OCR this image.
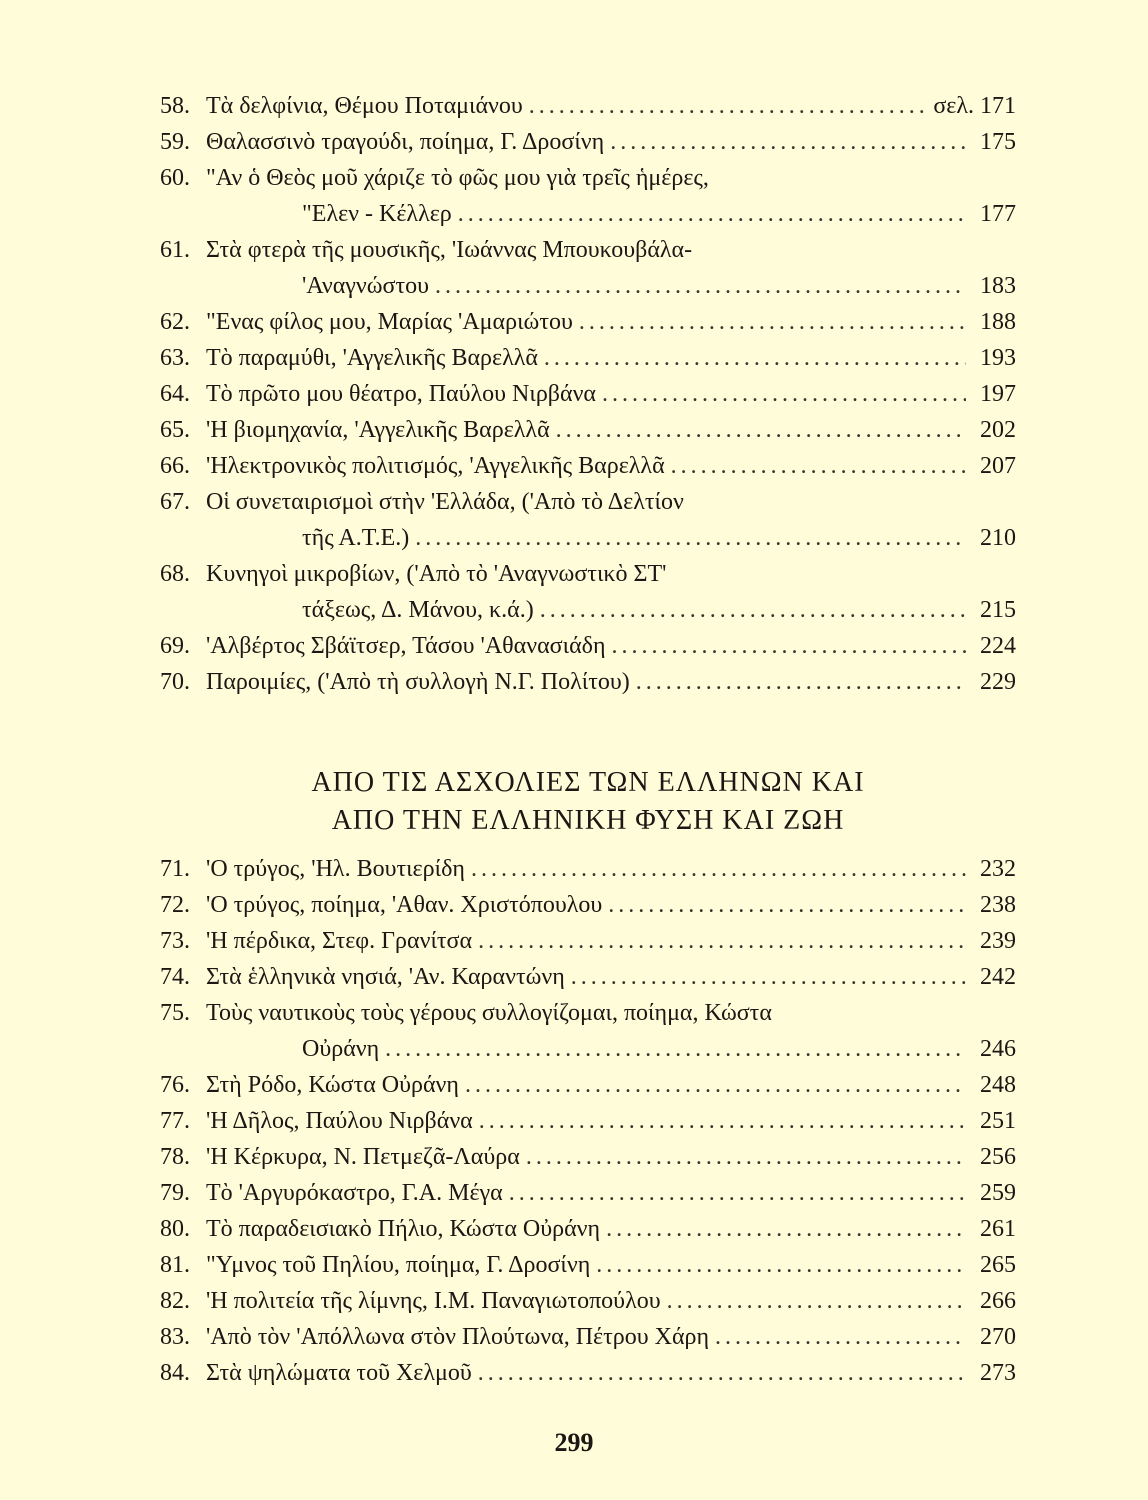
58. Τὰ δελφίνια, Θέμου Ποταμιάνου .....	σελ. 171
59. Θαλασσινὸ τραγούδι, ποίημα, Γ. Δροσίνη .....	175
60. "Αν ὁ Θεὸς μοῦ χάριζε τὸ φῶς μου γιὰ τρεῖς ἡμέρες,
"Ελεν - Κέλλερ .....	177
61. Στὰ φτερὰ τῆς μουσικῆς, 'Ιωάννας Μπουκουβάλα-
'Αναγνώστου .....	183
62. "Ενας φίλος μου, Μαρίας 'Αμαριώτου .....	188
63. Τὸ παραμύθι, 'Αγγελικῆς Βαρελλᾶ .....	193
64. Τὸ πρῶτο μου θέατρο, Παύλου Νιρβάνα .....	197
65. 'Η βιομηχανία, 'Αγγελικῆς Βαρελλᾶ .....	202
66. 'Ηλεκτρονικὸς πολιτισμός, 'Αγγελικῆς Βαρελλᾶ .....	207
67. Οἱ συνεταιρισμοὶ στὴν 'Ελλάδα, ('Απὸ τὸ Δελτίον
τῆς Α.Τ.Ε.) .....	210
68. Κυνηγοὶ μικροβίων, ('Απὸ τὸ 'Αναγνωστικὸ ΣΤ'
τάξεως, Δ. Μάνου, κ.ά.) .....	215
69. 'Αλβέρτος Σβάϊτσερ, Τάσου 'Αθανασιάδη .....	224
70. Παροιμίες, ('Απὸ τὴ συλλογὴ Ν.Γ. Πολίτου) .....	229
ΑΠΟ ΤΙΣ ΑΣΧΟΛΙΕΣ ΤΩΝ ΕΛΛΗΝΩΝ ΚΑΙ
ΑΠΟ ΤΗΝ ΕΛΛΗΝΙΚΗ ΦΥΣΗ ΚΑΙ ΖΩΗ
71. 'Ο τρύγος, 'Ηλ. Βουτιερίδη .....	232
72. 'Ο τρύγος, ποίημα, 'Αθαν. Χριστόπουλου .....	238
73. 'Η πέρδικα, Στεφ. Γρανίτσα .....	239
74. Στὰ ἑλληνικὰ νησιά, 'Αν. Καραντώνη .....	242
75. Τοὺς ναυτικοὺς τοὺς γέρους συλλογίζομαι, ποίημα, Κώστα
Οὐράνη .....	246
76. Στὴ Ρόδο, Κώστα Οὐράνη .....	248
77. 'Η Δῆλος, Παύλου Νιρβάνα .....	251
78. 'Η Κέρκυρα, Ν. Πετμεζᾶ-Λαύρα .....	256
79. Τὸ 'Αργυρόκαστρο, Γ.Α. Μέγα .....	259
80. Τὸ παραδεισιακὸ Πήλιο, Κώστα Οὐράνη .....	261
81. "Υμνος τοῦ Πηλίου, ποίημα, Γ. Δροσίνη .....	265
82. 'Η πολιτεία τῆς λίμνης, Ι.Μ. Παναγιωτοπούλου .....	266
83. 'Απὸ τὸν 'Απόλλωνα στὸν Πλούτωνα, Πέτρου Χάρη .....	270
84. Στὰ ψηλώματα τοῦ Χελμοῦ .....	273
299
